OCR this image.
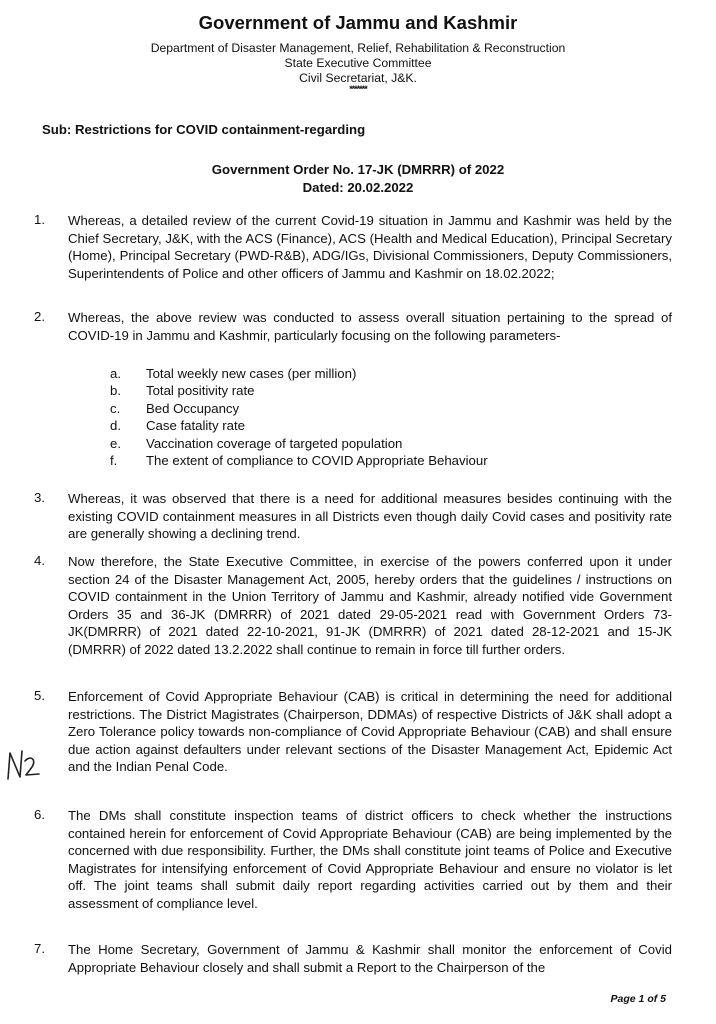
Government of Jammu and Kashmir
Department of Disaster Management, Relief, Rehabilitation & Reconstruction
State Executive Committee
Civil Secretariat, J&K.
*******
Sub: Restrictions for COVID containment-regarding
Government Order No. 17-JK (DMRRR) of 2022
Dated: 20.02.2022
1. Whereas, a detailed review of the current Covid-19 situation in Jammu and Kashmir was held by the Chief Secretary, J&K, with the ACS (Finance), ACS (Health and Medical Education), Principal Secretary (Home), Principal Secretary (PWD-R&B), ADG/IGs, Divisional Commissioners, Deputy Commissioners, Superintendents of Police and other officers of Jammu and Kashmir on 18.02.2022;
2. Whereas, the above review was conducted to assess overall situation pertaining to the spread of COVID-19 in Jammu and Kashmir, particularly focusing on the following parameters-
a. Total weekly new cases (per million)
b. Total positivity rate
c. Bed Occupancy
d. Case fatality rate
e. Vaccination coverage of targeted population
f. The extent of compliance to COVID Appropriate Behaviour
3. Whereas, it was observed that there is a need for additional measures besides continuing with the existing COVID containment measures in all Districts even though daily Covid cases and positivity rate are generally showing a declining trend.
4. Now therefore, the State Executive Committee, in exercise of the powers conferred upon it under section 24 of the Disaster Management Act, 2005, hereby orders that the guidelines / instructions on COVID containment in the Union Territory of Jammu and Kashmir, already notified vide Government Orders 35 and 36-JK (DMRRR) of 2021 dated 29-05-2021 read with Government Orders 73-JK(DMRRR) of 2021 dated 22-10-2021, 91-JK (DMRRR) of 2021 dated 28-12-2021 and 15-JK (DMRRR) of 2022 dated 13.2.2022 shall continue to remain in force till further orders.
5. Enforcement of Covid Appropriate Behaviour (CAB) is critical in determining the need for additional restrictions. The District Magistrates (Chairperson, DDMAs) of respective Districts of J&K shall adopt a Zero Tolerance policy towards non-compliance of Covid Appropriate Behaviour (CAB) and shall ensure due action against defaulters under relevant sections of the Disaster Management Act, Epidemic Act and the Indian Penal Code.
6. The DMs shall constitute inspection teams of district officers to check whether the instructions contained herein for enforcement of Covid Appropriate Behaviour (CAB) are being implemented by the concerned with due responsibility. Further, the DMs shall constitute joint teams of Police and Executive Magistrates for intensifying enforcement of Covid Appropriate Behaviour and ensure no violator is let off. The joint teams shall submit daily report regarding activities carried out by them and their assessment of compliance level.
7. The Home Secretary, Government of Jammu & Kashmir shall monitor the enforcement of Covid Appropriate Behaviour closely and shall submit a Report to the Chairperson of the
Page 1 of 5
